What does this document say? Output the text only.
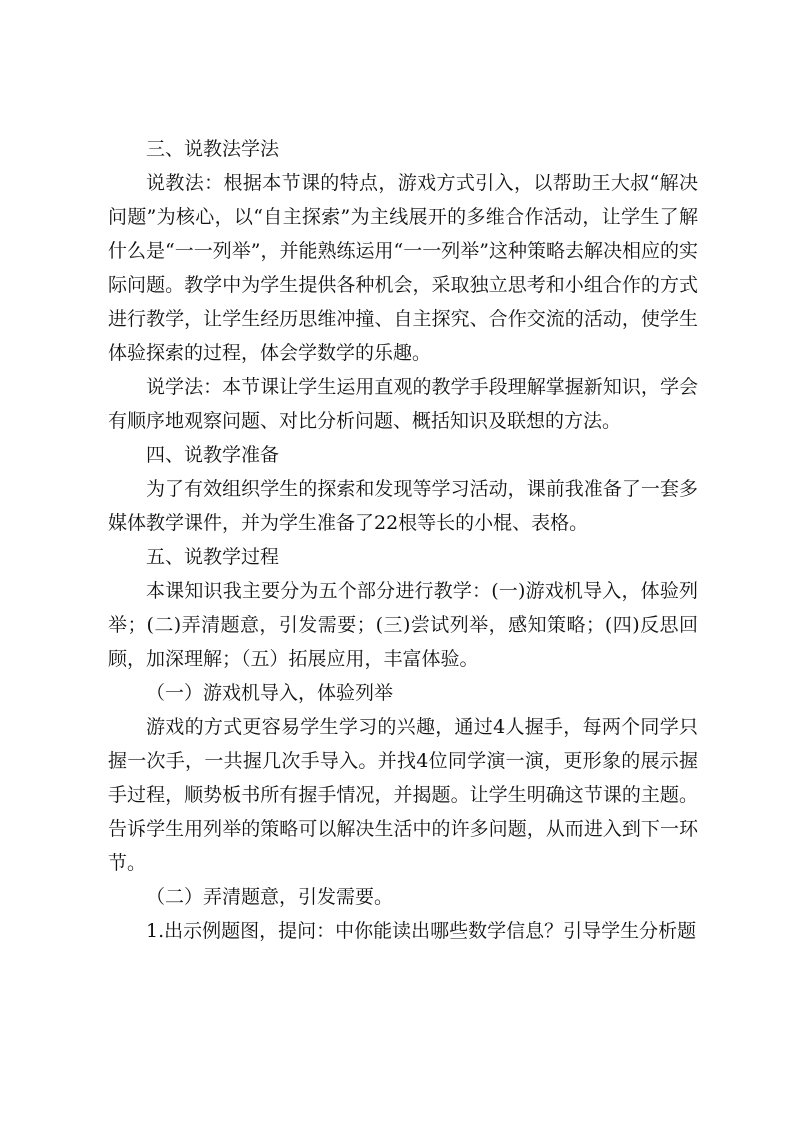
三、说教法学法

说教法：根据本节课的特点，游戏方式引入，以帮助王大叔“解决问题”为核心，以“自主探索”为主线展开的多维合作活动，让学生了解什么是“一一列举”，并能熟练运用“一一列举”这种策略去解决相应的实际问题。教学中为学生提供各种机会，采取独立思考和小组合作的方式进行教学，让学生经历思维冲撞、自主探究、合作交流的活动，使学生体验探索的过程，体会学数学的乐趣。

说学法：本节课让学生运用直观的教学手段理解掌握新知识，学会有顺序地观察问题、对比分析问题、概括知识及联想的方法。

四、说教学准备

为了有效组织学生的探索和发现等学习活动，课前我准备了一套多媒体教学课件，并为学生准备了22根等长的小棍、表格。

五、说教学过程

本课知识我主要分为五个部分进行教学：(一)游戏机导入，体验列举；(二)弄清题意，引发需要；(三)尝试列举，感知策略；(四)反思回顾，加深理解；（五）拓展应用，丰富体验。

（一）游戏机导入，体验列举

游戏的方式更容易学生学习的兴趣，通过4人握手，每两个同学只握一次手，一共握几次手导入。并找4位同学演一演，更形象的展示握手过程，顺势板书所有握手情况，并揭题。让学生明确这节课的主题。告诉学生用列举的策略可以解决生活中的许多问题，从而进入到下一环节。

（二）弄清题意，引发需要。

1.出示例题图，提问：中你能读出哪些数学信息？引导学生分析题
